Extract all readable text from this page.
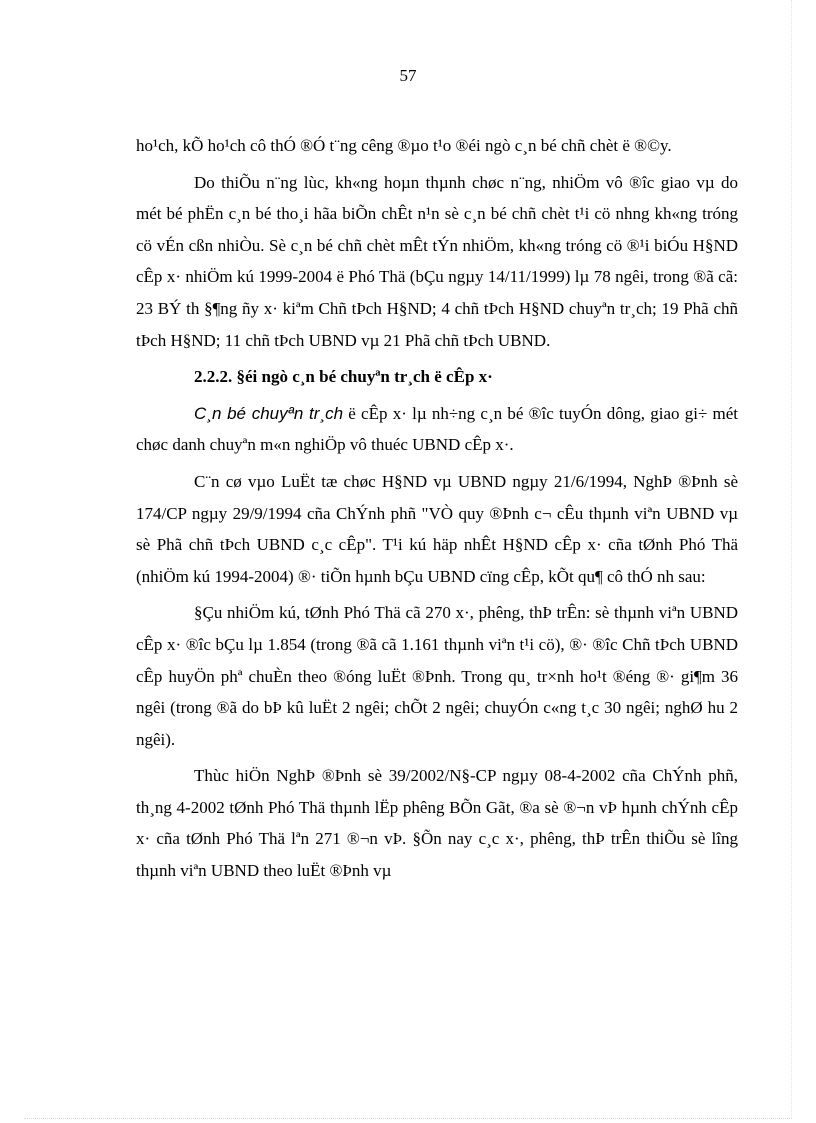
57

ho¹ch, kÕ ho¹ch cô thÓ ®Ó t¨ng cêng ®µo t¹o ®éi ngò c¸n bé chñ chèt ë ®©y.

Do thiÕu n¨ng lùc, kh«ng hoµn thµnh chøc n¨ng, nhiÖm vô ®îc giao vµ do mét bé phËn c¸n bé tho¸i hãa biÕn chÊt n¹n sè c¸n bé chñ chèt t¹i cö nhng kh«ng tróng cö vÉn cßn nhiÒu. Sè c¸n bé chñ chèt mÊt tÝn nhiÖm, kh«ng tróng cö ®¹i biÓu H§ND cÊp x· nhiÖm kú 1999-2004 ë Phó Thä (bÇu ngµy 14/11/1999) lµ 78 ngêi, trong ®ã cã: 23 BÝ th §¶ng ñy x· kiªm Chñ tÞch H§ND; 4 chñ tÞch H§ND chuyªn tr¸ch; 19 Phã chñ tÞch H§ND; 11 chñ tÞch UBND vµ 21 Phã chñ tÞch UBND.

2.2.2. §éi ngò c¸n bé chuyªn tr¸ch ë cÊp x·

C¸n bé chuyªn tr¸ch ë cÊp x· lµ nh÷ng c¸n bé ®îc tuyÓn dông, giao gi÷ mét chøc danh chuyªn m«n nghiÖp vô thuéc UBND cÊp x·.

C¨n cø vµo LuËt tæ chøc H§ND vµ UBND ngµy 21/6/1994, NghÞ ®Þnh sè 174/CP ngµy 29/9/1994 cña ChÝnh phñ "VÒ quy ®Þnh c¬ cÊu thµnh viªn UBND vµ sè Phã chñ tÞch UBND c¸c cÊp". T¹i kú häp nhÊt H§ND cÊp x· cña tØnh Phó Thä (nhiÖm kú 1994-2004) ®· tiÕn hµnh bÇu UBND cïng cÊp, kÕt qu¶ cô thÓ nh sau:

§Çu nhiÖm kú, tØnh Phó Thä cã 270 x·, phêng, thÞ trÊn: sè thµnh viªn UBND cÊp x· ®îc bÇu lµ 1.854 (trong ®ã cã 1.161 thµnh viªn t¹i cö), ®· ®îc Chñ tÞch UBND cÊp huyÖn phª chuÈn theo ®óng luËt ®Þnh. Trong qu¸ tr×nh ho¹t ®éng ®· gi¶m 36 ngêi (trong ®ã do bÞ kû luËt 2 ngêi; chÕt 2 ngêi; chuyÓn c«ng t¸c 30 ngêi; nghØ hu 2 ngêi).

Thùc hiÖn NghÞ ®Þnh sè 39/2002/N§-CP ngµy 08-4-2002 cña ChÝnh phñ, th¸ng 4-2002 tØnh Phó Thä thµnh lËp phêng BÕn Gãt, ®a sè ®¬n vÞ hµnh chÝnh cÊp x· cña tØnh Phó Thä lªn 271 ®¬n vÞ. §Õn nay c¸c x·, phêng, thÞ trÊn thiÕu sè lîng thµnh viªn UBND theo luËt ®Þnh vµ
